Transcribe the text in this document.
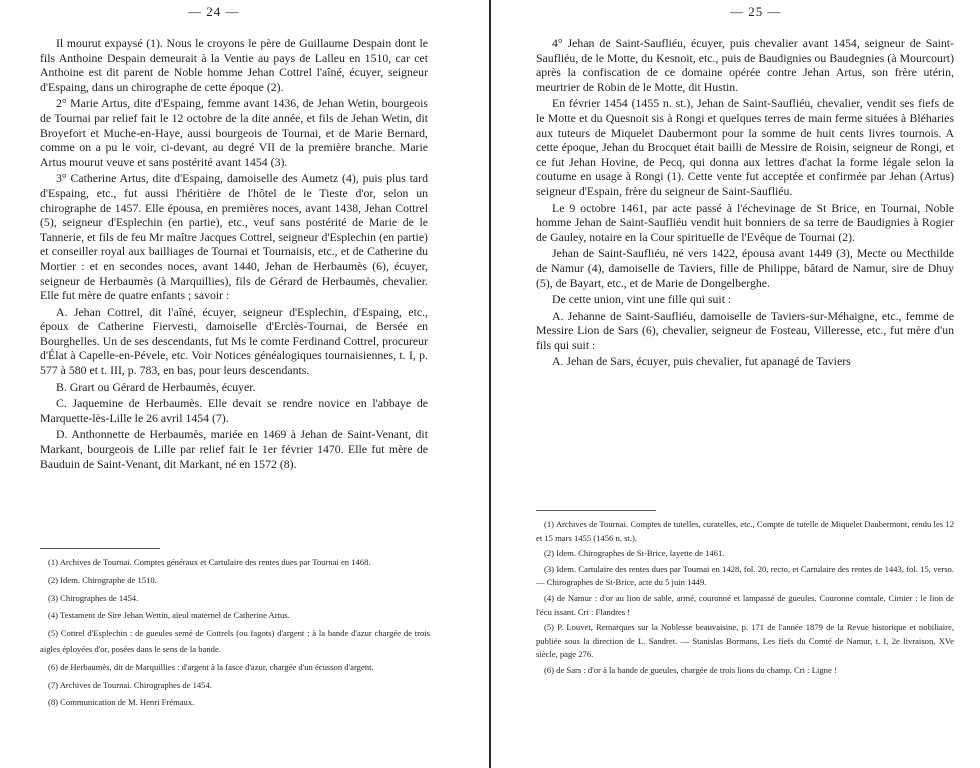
— 24 —

Il mourut expaysé (1). Nous le croyons le père de Guillaume Despain dont le fils Anthoine Despain demeurait à la Ventie au pays de Lalleu en 1510, car cet Anthoine est dit parent de Noble homme Jehan Cottrel l'aîné, écuyer, seigneur d'Espaing, dans un chirographe de cette époque (2).

2° Marie Artus, dite d'Espaing, femme avant 1436, de Jehan Wetin, bourgeois de Tournai par relief fait le 12 octobre de la dite année, et fils de Jehan Wetin, dit Broyefort et Muche-en-Haye, aussi bourgeois de Tournai, et de Marie Bernard, comme on a pu le voir, ci-devant, au degré VII de la première branche. Marie Artus mourut veuve et sans postérité avant 1454 (3).

3° Catherine Artus, dite d'Espaing, damoiselle des Aumetz (4), puis plus tard d'Espaing, etc., fut aussi l'héritière de l'hôtel de le Tieste d'or, selon un chirographe de 1457. Elle épousa, en premières noces, avant 1438, Jehan Cottrel (5), seigneur d'Esplechin (en partie), etc., veuf sans postérité de Marie de le Tannerie, et fils de feu Mr maître Jacques Cottrel, seigneur d'Esplechin (en partie) et conseiller royal aux bailliages de Tournai et Tournaisis, etc., et de Catherine du Mortier : et en secondes noces, avant 1440, Jehan de Herbaumès (6), écuyer, seigneur de Herbaumès (à Marquillies), fils de Gérard de Herbaumès, chevalier. Elle fut mère de quatre enfants ; savoir :

A. Jehan Cottrel, dit l'aîné, écuyer, seigneur d'Esplechin, d'Espaing, etc., époux de Catherine Fiervesti, damoiselle d'Erclès-Tournai, de Bersée en Bourghelles. Un de ses descendants, fut Ms le comte Ferdinand Cottrel, procureur d'Élat à Capelle-en-Pévele, etc. Voir Notices généalogiques tournaisiennes, t. I, p. 577 à 580 et t. III, p. 783, en bas, pour leurs descendants.

B. Grart ou Gérard de Herbaumès, écuyer.

C. Jaquemine de Herbaumès. Elle devait se rendre novice en l'abbaye de Marquette-lès-Lille le 26 avril 1454 (7).

D. Anthonnette de Herbaumès, mariée en 1469 à Jehan de Saint-Venant, dit Markant, bourgeois de Lille par relief fait le 1er février 1470. Elle fut mère de Bauduin de Saint-Venant, dit Markant, né en 1572 (8).

(1) Archives de Tournai. Comptes généraux et Cartulaire des rentes dues par Tournai en 1468.
(2) Idem. Chirographe de 1510.
(3) Chirographes de 1454.
(4) Testament de Sire Jehan Wettin, aïeul maternel de Catherine Artus.
(5) Cottrel d'Esplechin : de gueules semé de Cottrels (ou fagots) d'argent ; à la bande d'azur chargée de trois aigles éployées d'or, posées dans le sens de la bande.
(6) de Herbaumès, dit de Marquillies : d'argent à la fasce d'azur, chargée d'un écusson d'argent.
(7) Archives de Tournai. Chirographes de 1454.
(8) Communication de M. Henri Frémaux.
— 25 —

4° Jehan de Saint-Saufliéu, écuyer, puis chevalier avant 1454, seigneur de Saint-Saufliéu, de le Motte, du Kesnoit, etc., puis de Baudignies ou Baudegnies (à Mourcourt) après la confiscation de ce domaine opérée contre Jehan Artus, son frère utérin, meurtrier de Robin de le Motte, dit Hustin.

En février 1454 (1455 n. st.), Jehan de Saint-Saufliéu, chevalier, vendit ses fiefs de le Motte et du Quesnoit sis à Rongi et quelques terres de main ferme situées à Bléharies aux tuteurs de Miquelet Daubermont pour la somme de huit cents livres tournois. A cette époque, Jehan du Brocquet était bailli de Messire de Roisin, seigneur de Rongi, et ce fut Jehan Hovine, de Pecq, qui donna aux lettres d'achat la forme légale selon la coutume en usage à Rongi (1). Cette vente fut acceptée et confirmée par Jehan (Artus) seigneur d'Espain, frère du seigneur de Saint-Saufliéu.

Le 9 octobre 1461, par acte passé à l'échevinage de St Brice, en Tournai, Noble homme Jehan de Saint-Saufliéu vendit huit bonniers de sa terre de Baudignies à Rogier de Gauley, notaire en la Cour spirituelle de l'Evêque de Tournai (2).

Jehan de Saint-Saufliéu, né vers 1422, épousa avant 1449 (3), Mecte ou Mecthilde de Namur (4), damoiselle de Taviers, fille de Philippe, bâtard de Namur, sire de Dhuy (5), de Bayart, etc., et de Marie de Dongelberghe.

De cette union, vint une fille qui suit :

A. Jehanne de Saint-Saufliéu, damoiselle de Taviers-sur-Méhaigne, etc., femme de Messire Lion de Sars (6), chevalier, seigneur de Fosteau, Villeresse, etc., fut mère d'un fils qui suit :

A. Jehan de Sars, écuyer, puis chevalier, fut apanagé de Taviers

(1) Archives de Tournai. Comptes de tutelles, curatelles, etc., Compte de tutelle de Miquelet Daubermont, rendu les 12 et 15 mars 1455 (1456 n. st.).
(2) Idem. Chirographes de St-Brice, layette de 1461.
(3) Idem. Cartulaire des rentes dues par Tournai en 1428, fol. 20, recto, et Cartulaire des rentes de 1443, fol. 15, verso. — Chirographes de St-Brice, acte du 5 juin 1449.
(4) de Namur : d'or au lion de sable, armé, couronné et lampassé de gueules. Couronne comtale. Cimier : le lion de l'écu issant. Cri : Flandres !
(5) P. Louvet, Remarques sur la Noblesse beauvaisine, p. 171 de l'année 1879 de la Revue historique et nobiliaire, publiée sous la direction de L. Sandret. — Stanislas Bormans, Les fiefs du Comté de Namur, t. I, 2e livraison, XVe siècle, page 276.
(6) de Sars : d'or à la bande de gueules, chargée de trois lions du champ. Cri : Ligne !
